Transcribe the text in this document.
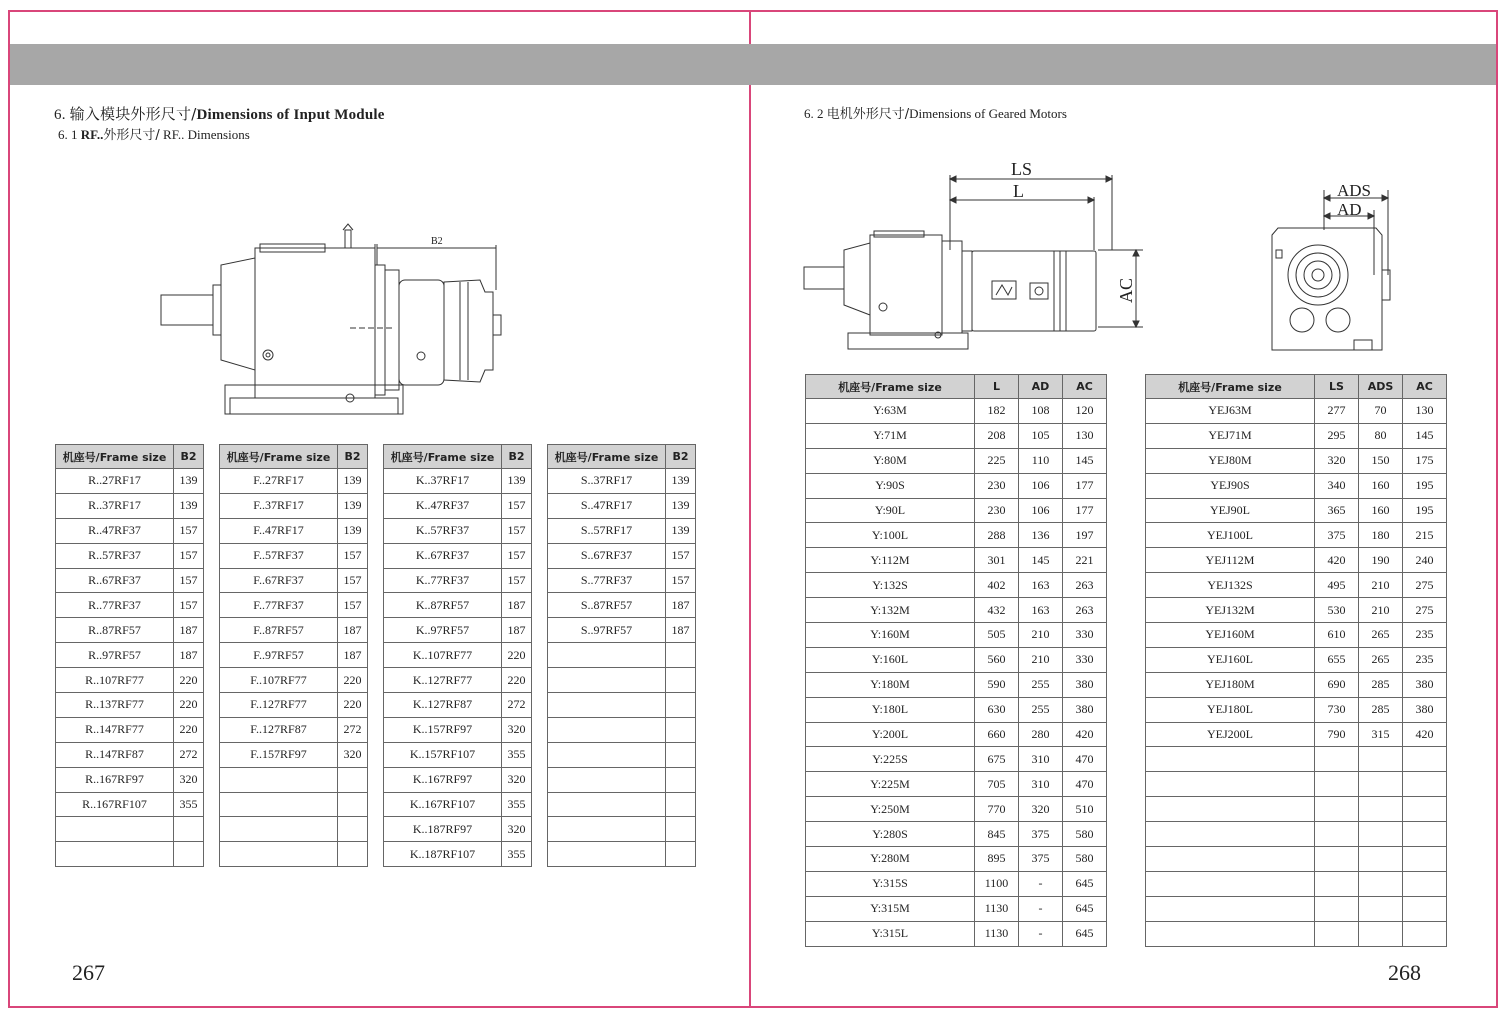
6. 输入模块外形尺寸/Dimensions of Input Module
6. 1 RF..外形尺寸/ RF.. Dimensions
B2
机座号/Frame size	B2
R..27RF17	139
R..37RF17	139
R..47RF37	157
R..57RF37	157
R..67RF37	157
R..77RF37	157
R..87RF57	187
R..97RF57	187
R..107RF77	220
R..137RF77	220
R..147RF77	220
R..147RF87	272
R..167RF97	320
R..167RF107	355

机座号/Frame size	B2
F..27RF17	139
F..37RF17	139
F..47RF17	139
F..57RF37	157
F..67RF37	157
F..77RF37	157
F..87RF57	187
F..97RF57	187
F..107RF77	220
F..127RF77	220
F..127RF87	272
F..157RF97	320

机座号/Frame size	B2
K..37RF17	139
K..47RF37	157
K..57RF37	157
K..67RF37	157
K..77RF37	157
K..87RF57	187
K..97RF57	187
K..107RF77	220
K..127RF77	220
K..127RF87	272
K..157RF97	320
K..157RF107	355
K..167RF97	320
K..167RF107	355
K..187RF97	320
K..187RF107	355
机座号/Frame size	B2
S..37RF17	139
S..47RF17	139
S..57RF17	139
S..67RF37	157
S..77RF37	157
S..87RF57	187
S..97RF57	187

267
6. 2 电机外形尺寸/Dimensions of Geared Motors
LS
L
AC
ADS
AD
机座号/Frame size	L	AD	AC
Y:63M	182	108	120
Y:71M	208	105	130
Y:80M	225	110	145
Y:90S	230	106	177
Y:90L	230	106	177
Y:100L	288	136	197
Y:112M	301	145	221
Y:132S	402	163	263
Y:132M	432	163	263
Y:160M	505	210	330
Y:160L	560	210	330
Y:180M	590	255	380
Y:180L	630	255	380
Y:200L	660	280	420
Y:225S	675	310	470
Y:225M	705	310	470
Y:250M	770	320	510
Y:280S	845	375	580
Y:280M	895	375	580
Y:315S	1100	-	645
Y:315M	1130	-	645
Y:315L	1130	-	645
机座号/Frame size	LS	ADS	AC
YEJ63M	277	70	130
YEJ71M	295	80	145
YEJ80M	320	150	175
YEJ90S	340	160	195
YEJ90L	365	160	195
YEJ100L	375	180	215
YEJ112M	420	190	240
YEJ132S	495	210	275
YEJ132M	530	210	275
YEJ160M	610	265	235
YEJ160L	655	265	235
YEJ180M	690	285	380
YEJ180L	730	285	380
YEJ200L	790	315	420

268
